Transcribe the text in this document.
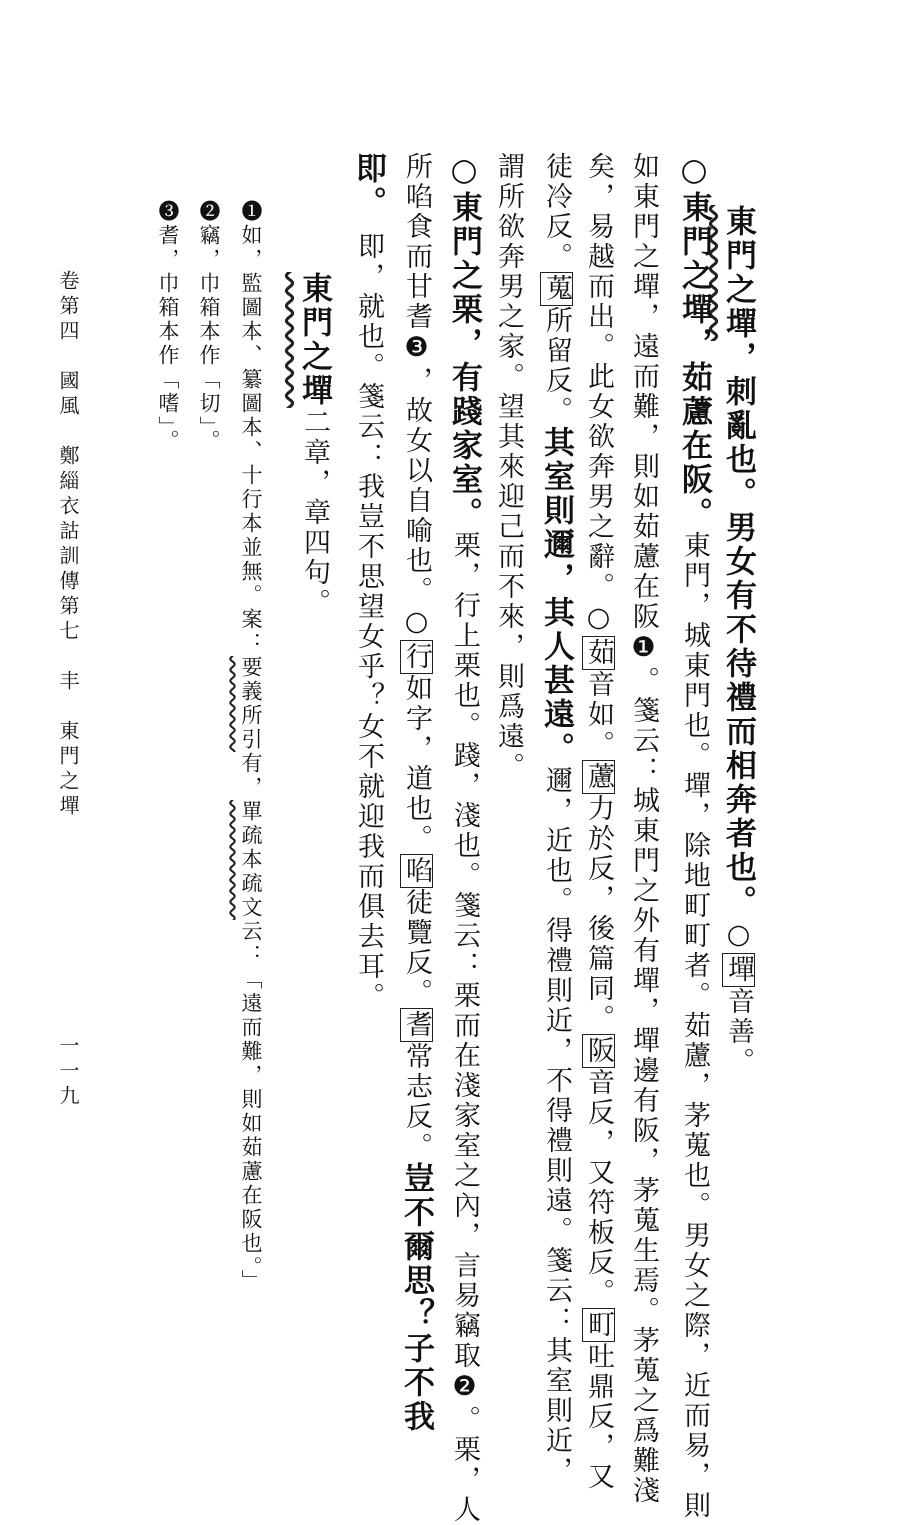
東門之墠，刺亂也。男女有不待禮而相奔者也。○墠音善。
○東門之墠，茹藘在阪。東門，城東門也。墠，除地町町者。茹藘，茅蒐也。男女之際，近而易，則
如東門之墠，遠而難，則如茹藘在阪❶。箋云：城東門之外有墠，墠邊有阪，茅蒐生焉。茅蒐之爲難淺
矣，易越而出。此女欲奔男之辭。○茹音如。藘力於反，後篇同。阪音反，又符板反。町吐鼎反，又
徒冷反。蒐所留反。其室則邇，其人甚遠。邇，近也。得禮則近，不得禮則遠。箋云：其室則近，
謂所欲奔男之家。望其來迎己而不來，則爲遠。
○東門之栗，有踐家室。栗，行上栗也。踐，淺也。箋云：栗而在淺家室之內，言易竊取❷。栗，人
所啗食而甘耆❸，故女以自喻也。○行如字，道也。啗徒覽反。耆常志反。豈不爾思？子不我
即。即，就也。箋云：我豈不思望女乎？女不就迎我而俱去耳。
東門之墠二章，章四句。
❶如，監圖本、纂圖本、十行本並無。案：要義所引有，單疏本疏文云：「遠而難，則如茹藘在阪也。」
❷竊，巾箱本作「切」。
❸耆，巾箱本作「嗜」。
卷第四　國風　鄭緇衣詁訓傳第七　丰　東門之墠
一一九
